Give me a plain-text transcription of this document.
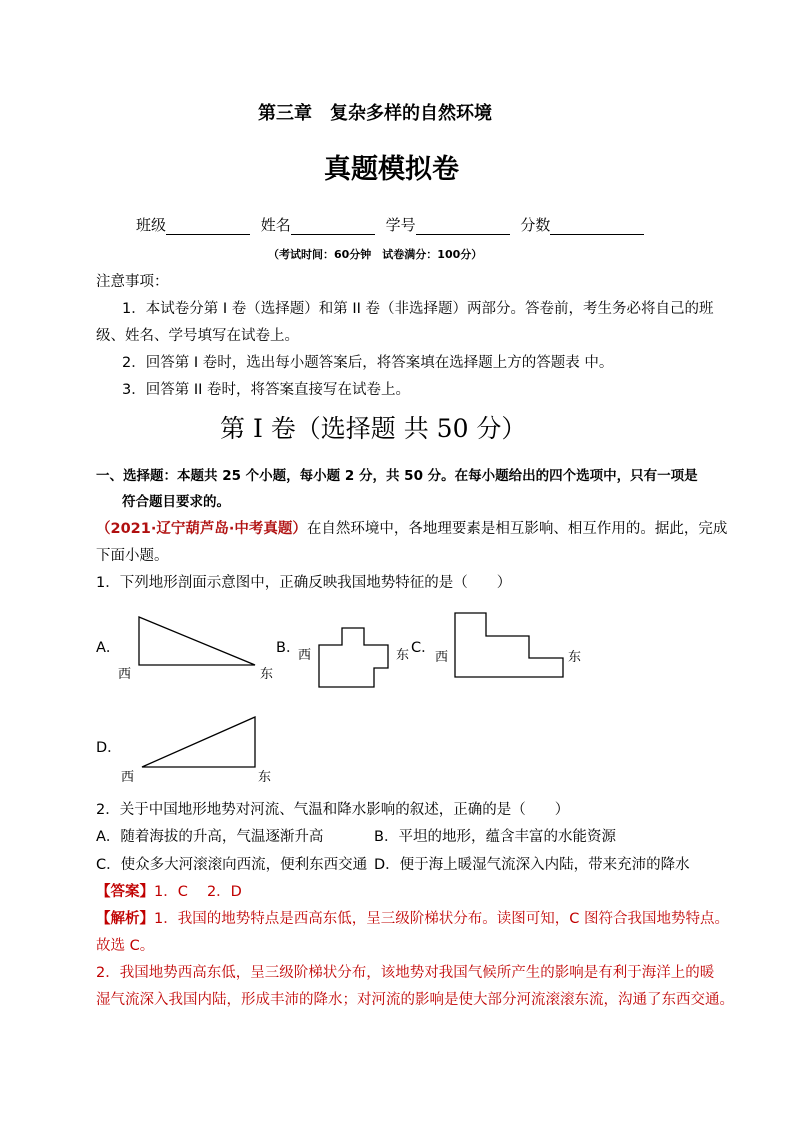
第三章　复杂多样的自然环境
真题模拟卷
班级	姓名	学号	分数
（考试时间：60分钟　试卷满分：100分）
注意事项：
1．本试卷分第 I 卷（选择题）和第 II 卷（非选择题）两部分。答卷前，考生务必将自己的班
级、姓名、学号填写在试卷上。
2．回答第 I 卷时，选出每小题答案后，将答案填在选择题上方的答题表 中。
3．回答第 II 卷时，将答案直接写在试卷上。
第 I 卷（选择题 共 50 分）
一、选择题：本题共 25 个小题，每小题 2 分，共 50 分。在每小题给出的四个选项中，只有一项是
符合题目要求的。
（2021·辽宁葫芦岛·中考真题）在自然环境中，各地理要素是相互影响、相互作用的。据此，完成
下面小题。
1．下列地形剖面示意图中，正确反映我国地势特征的是（　　）
A．
西	东
B．
西	东 C．
西	东
D．
西	东
2．关于中国地形地势对河流、气温和降水影响的叙述，正确的是（　　）
A．随着海拔的升高，气温逐渐升高	B．平坦的地形，蕴含丰富的水能资源
C．使众多大河滚滚向西流，便利东西交通 D．便于海上暖湿气流深入内陆，带来充沛的降水
【答案】1．C　 2．D
【解析】1．我国的地势特点是西高东低，呈三级阶梯状分布。读图可知，C 图符合我国地势特点。
故选 C。
2．我国地势西高东低，呈三级阶梯状分布，该地势对我国气候所产生的影响是有利于海洋上的暖
湿气流深入我国内陆，形成丰沛的降水；对河流的影响是使大部分河流滚滚东流，沟通了东西交通。
